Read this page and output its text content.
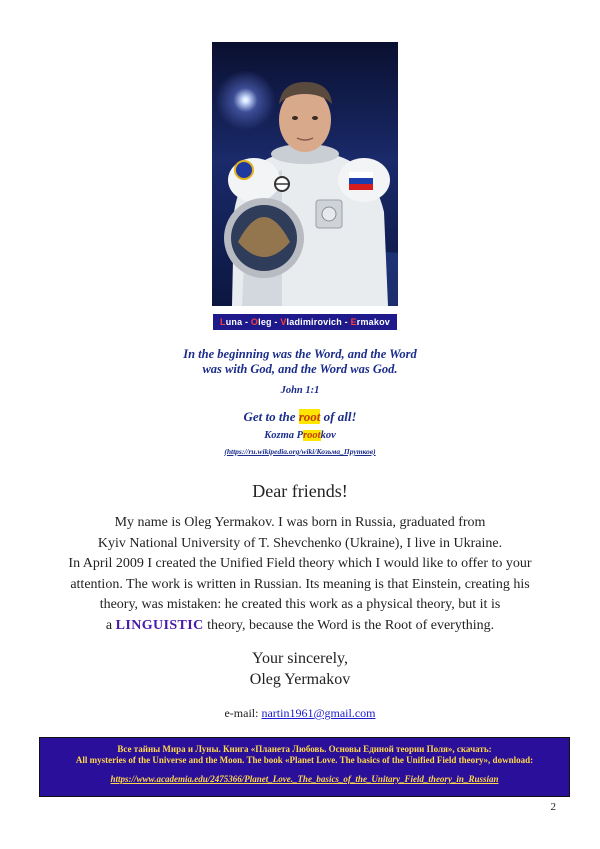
Luna - Oleg - Vladimirovich - Ermakov
In the beginning was the Word, and the Word
was with God, and the Word was God.
John 1:1
Get to the root of all!
Kozma Prootkov
(https://ru.wikipedia.org/wiki/Козьма_Прутков)
Dear friends!
My name is Oleg Yermakov. I was born in Russia, graduated from
Kyiv National University of T. Shevchenko (Ukraine), I live in Ukraine.
In April 2009 I created the Unified Field theory which I would like to offer to your
attention. The work is written in Russian. Its meaning is that Einstein, creating his
theory, was mistaken: he created this work as a physical theory, but it is
a LINGUISTIC theory, because the Word is the Root of everything.
Your sincerely,
Oleg Yermakov
e-mail: nartin1961@gmail.com
Все тайны Мира и Луны. Книга «Планета Любовь. Основы Единой теории Поля», скачать:
All mysteries of the Universe and the Moon. The book «Planet Love. The basics of the Unified Field theory», download:
https://www.academia.edu/2475366/Planet_Love._The_basics_of_the_Unitary_Field_theory_in_Russian
2
